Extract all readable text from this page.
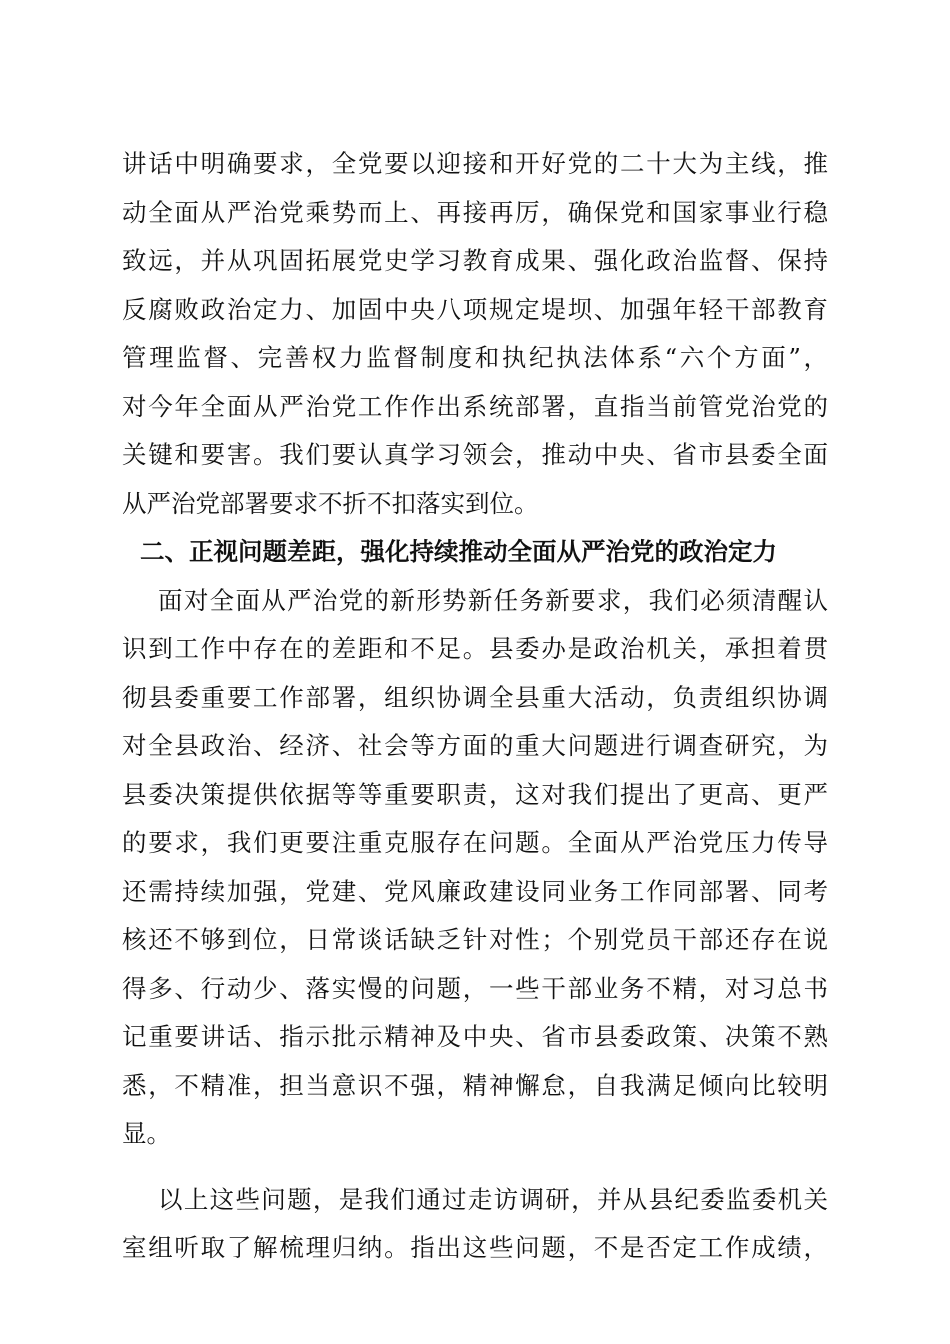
讲话中明确要求，全党要以迎接和开好党的二十大为主线，推
动全面从严治党乘势而上、再接再厉，确保党和国家事业行稳
致远，并从巩固拓展党史学习教育成果、强化政治监督、保持
反腐败政治定力、加固中央八项规定堤坝、加强年轻干部教育
管理监督、完善权力监督制度和执纪执法体系“六个方面”，
对今年全面从严治党工作作出系统部署，直指当前管党治党的
关键和要害。我们要认真学习领会，推动中央、省市县委全面
从严治党部署要求不折不扣落实到位。
二、正视问题差距，强化持续推动全面从严治党的政治定力
面对全面从严治党的新形势新任务新要求，我们必须清醒认
识到工作中存在的差距和不足。县委办是政治机关，承担着贯
彻县委重要工作部署，组织协调全县重大活动，负责组织协调
对全县政治、经济、社会等方面的重大问题进行调查研究，为
县委决策提供依据等等重要职责，这对我们提出了更高、更严
的要求，我们更要注重克服存在问题。全面从严治党压力传导
还需持续加强，党建、党风廉政建设同业务工作同部署、同考
核还不够到位，日常谈话缺乏针对性；个别党员干部还存在说
得多、行动少、落实慢的问题，一些干部业务不精，对习总书
记重要讲话、指示批示精神及中央、省市县委政策、决策不熟
悉，不精准，担当意识不强，精神懈怠，自我满足倾向比较明
显。
以上这些问题，是我们通过走访调研，并从县纪委监委机关
室组听取了解梳理归纳。指出这些问题，不是否定工作成绩，
